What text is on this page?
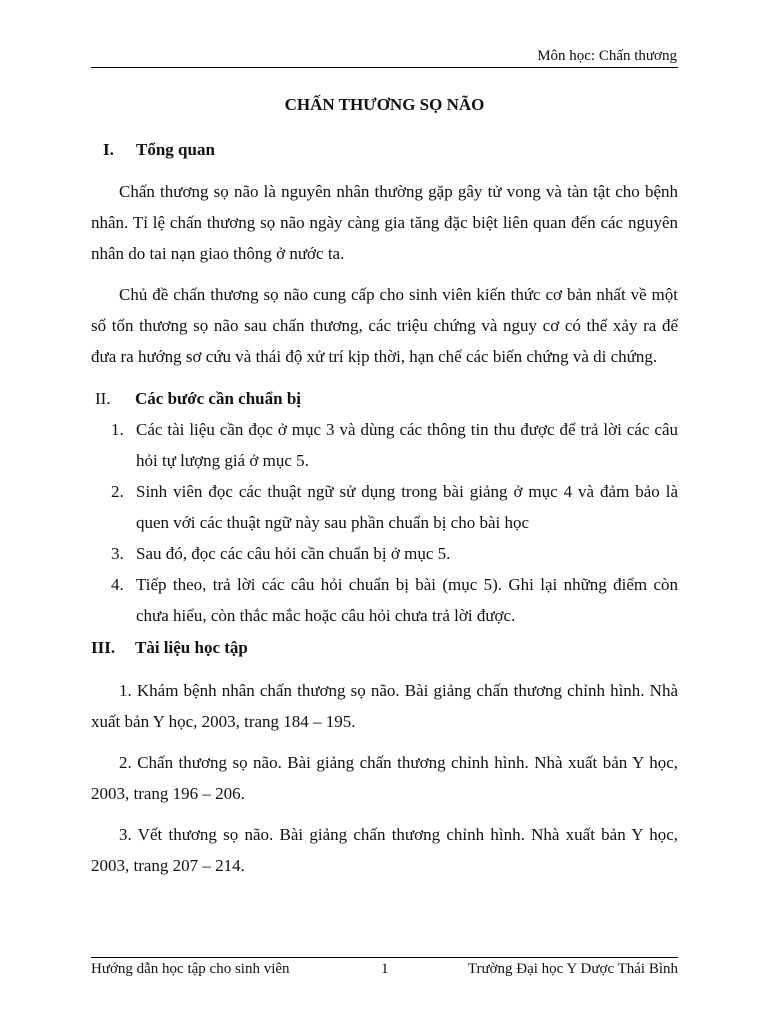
Môn học: Chấn thương

CHẤN THƯƠNG SỌ NÃO

I.	Tổng quan

Chấn thương sọ não là nguyên nhân thường gặp gây tử vong và tàn tật cho bệnh nhân. Tỉ lệ chấn thương sọ não ngày càng gia tăng đặc biệt liên quan đến các nguyên nhân do tai nạn giao thông ở nước ta.

Chủ đề chấn thương sọ não cung cấp cho sinh viên kiến thức cơ bản nhất về một số tổn thương sọ não sau chấn thương, các triệu chứng và nguy cơ có thể xảy ra để đưa ra hướng sơ cứu và thái độ xử trí kịp thời, hạn chế các biến chứng và di chứng.

II.	Các bước cần chuẩn bị
1. Các tài liệu cần đọc ở mục 3 và dùng các thông tin thu được để trả lời các câu hỏi tự lượng giá ở mục 5.
2. Sinh viên đọc các thuật ngữ sử dụng trong bài giảng ở mục 4 và đảm bảo là quen với các thuật ngữ này sau phần chuẩn bị cho bài học
3. Sau đó, đọc các câu hỏi cần chuẩn bị ở mục 5.
4. Tiếp theo, trả lời các câu hỏi chuẩn bị bài (mục 5). Ghi lại những điểm còn chưa hiểu, còn thắc mắc hoặc câu hỏi chưa trả lời được.
III.	Tài liệu học tập

1. Khám bệnh nhân chấn thương sọ não. Bài giảng chấn thương chỉnh hình. Nhà xuất bản Y học, 2003, trang 184 – 195.

2. Chấn thương sọ não. Bài giảng chấn thương chỉnh hình. Nhà xuất bản Y học, 2003, trang 196 – 206.

3. Vết thương sọ não. Bài giảng chấn thương chỉnh hình. Nhà xuất bản Y học, 2003, trang 207 – 214.

Hướng dẫn học tập cho sinh viên	1	Trường Đại học Y Dược Thái Bình
